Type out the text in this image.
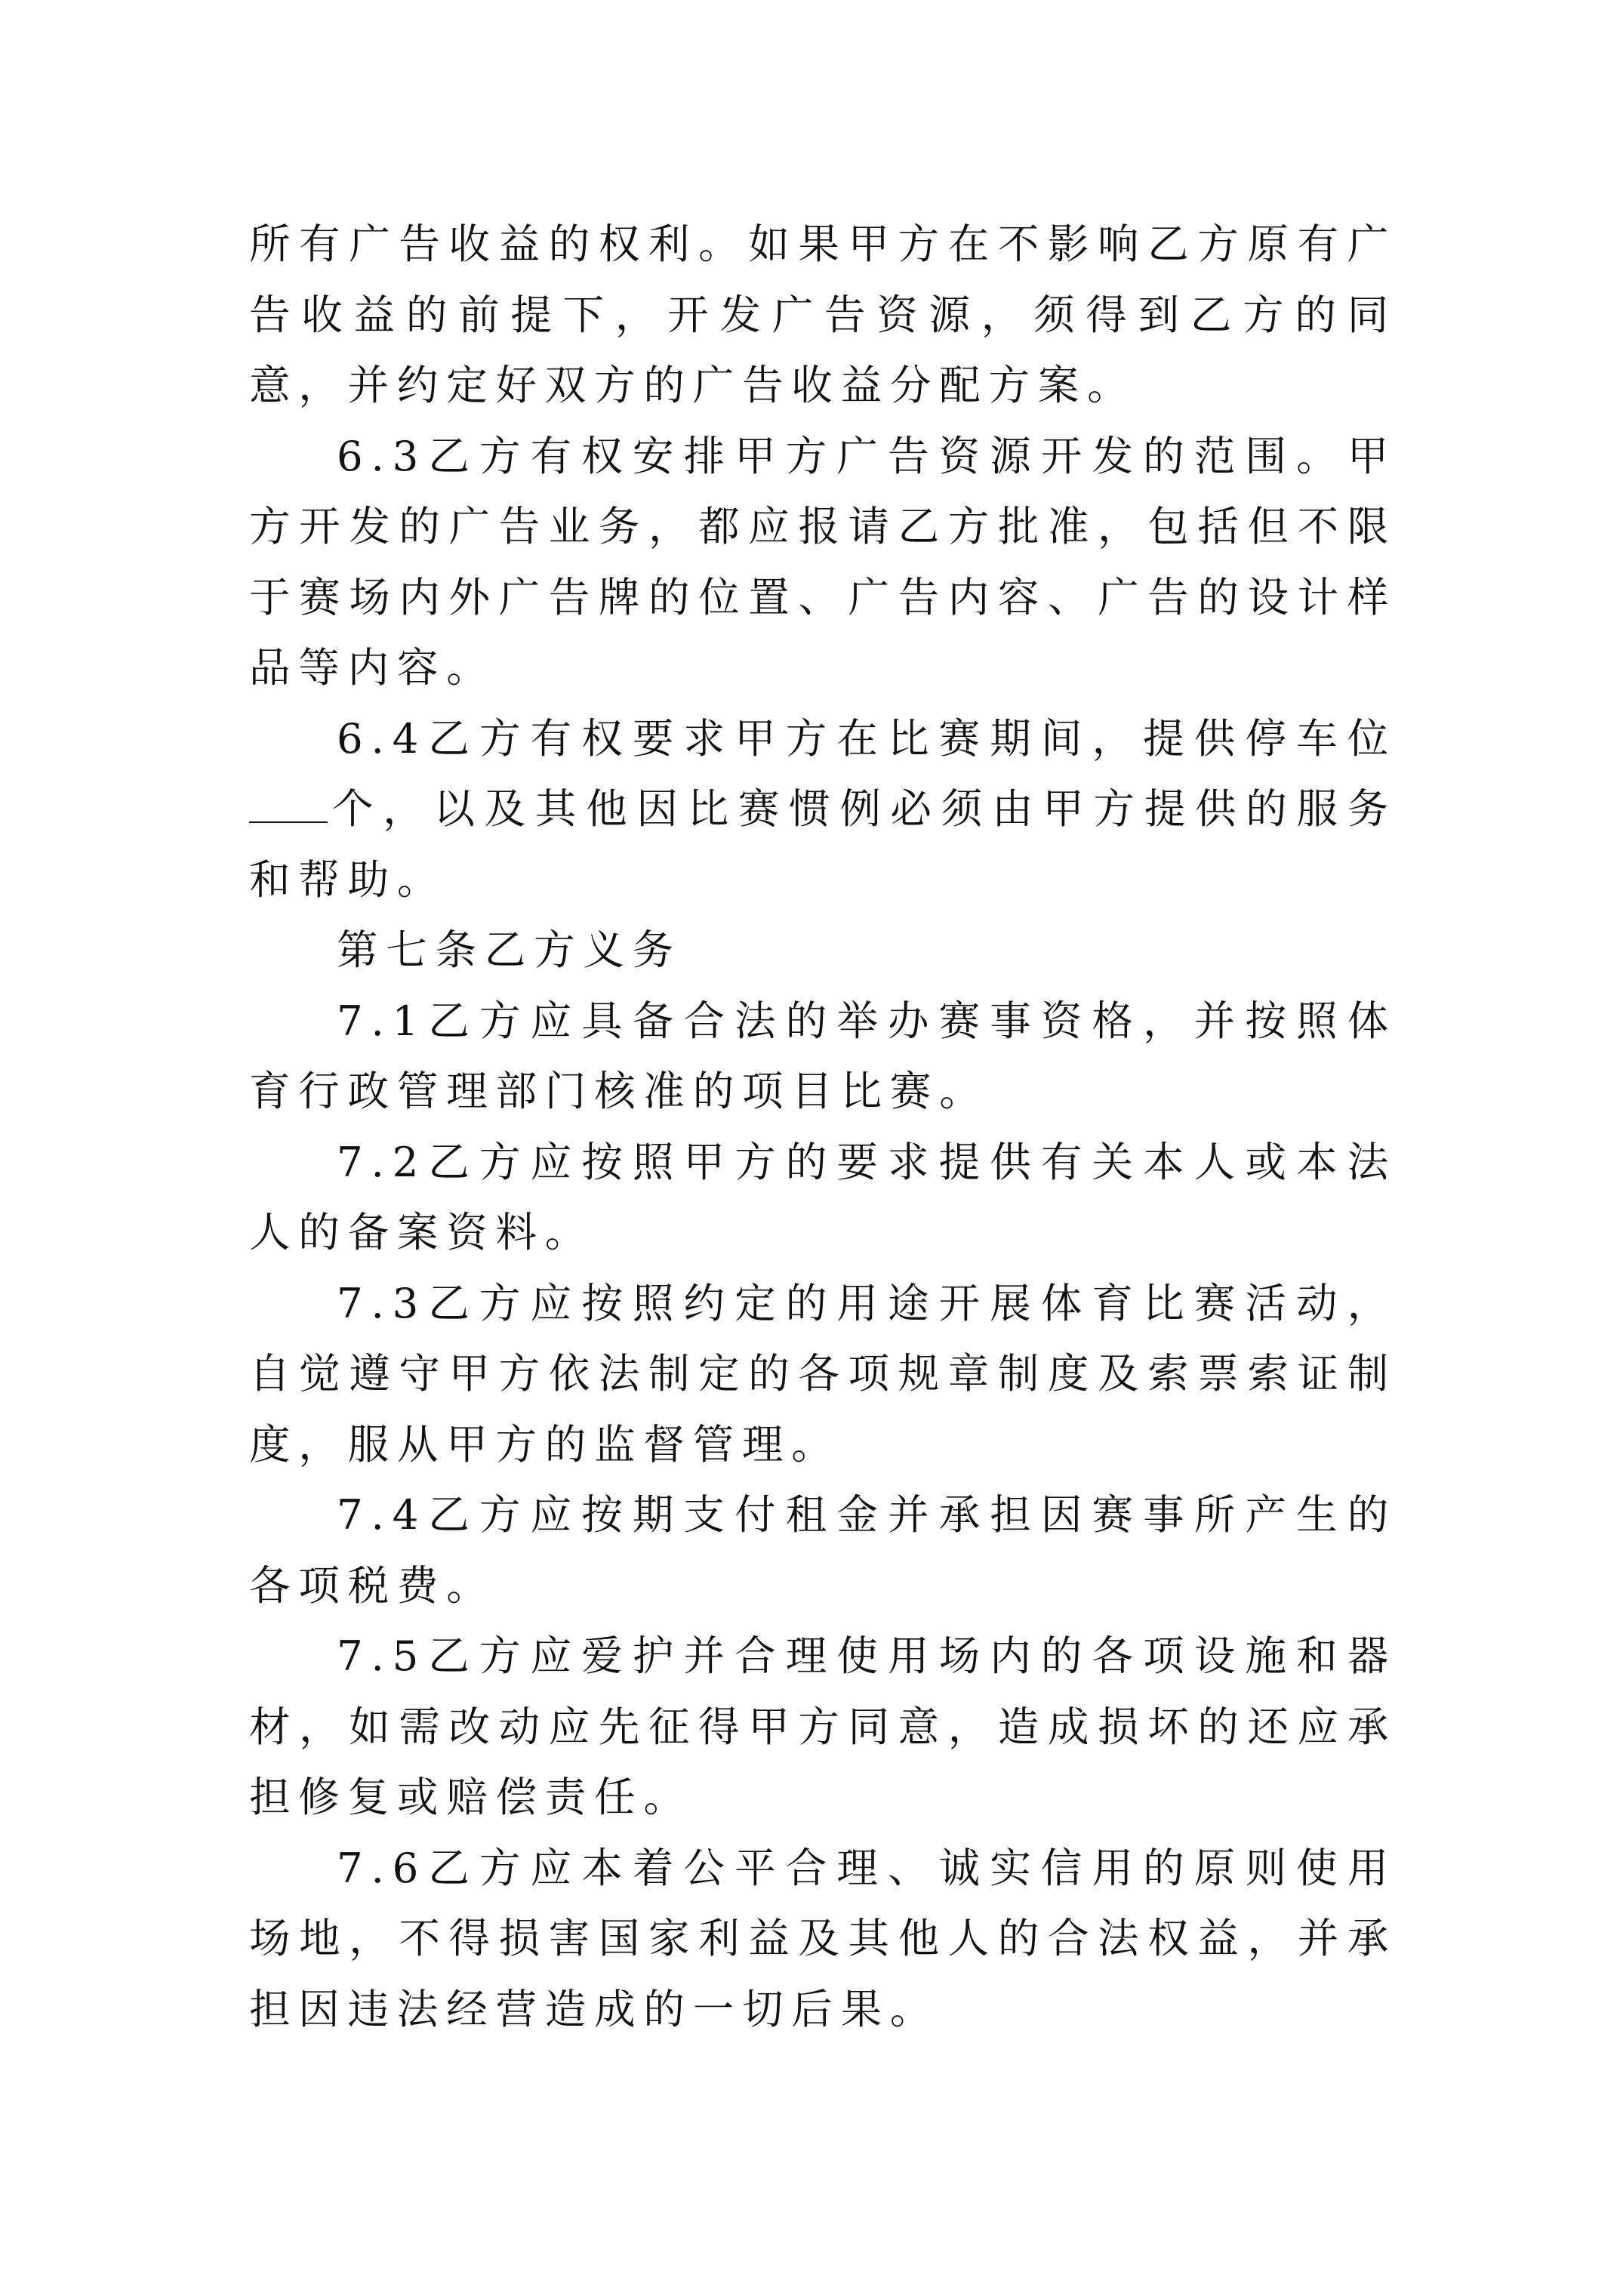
所有广告收益的权利。如果甲方在不影响乙方原有广告收益的前提下，开发广告资源，须得到乙方的同意，并约定好双方的广告收益分配方案。

6.3乙方有权安排甲方广告资源开发的范围。甲方开发的广告业务，都应报请乙方批准，包括但不限于赛场内外广告牌的位置、广告内容、广告的设计样品等内容。

6.4乙方有权要求甲方在比赛期间，提供停车位个，以及其他因比赛惯例必须由甲方提供的服务和帮助。

第七条乙方义务

7.1乙方应具备合法的举办赛事资格，并按照体育行政管理部门核准的项目比赛。

7.2乙方应按照甲方的要求提供有关本人或本法人的备案资料。

7.3乙方应按照约定的用途开展体育比赛活动，自觉遵守甲方依法制定的各项规章制度及索票索证制度，服从甲方的监督管理。

7.4乙方应按期支付租金并承担因赛事所产生的各项税费。

7.5乙方应爱护并合理使用场内的各项设施和器材，如需改动应先征得甲方同意，造成损坏的还应承担修复或赔偿责任。

7.6乙方应本着公平合理、诚实信用的原则使用场地，不得损害国家利益及其他人的合法权益，并承担因违法经营造成的一切后果。
